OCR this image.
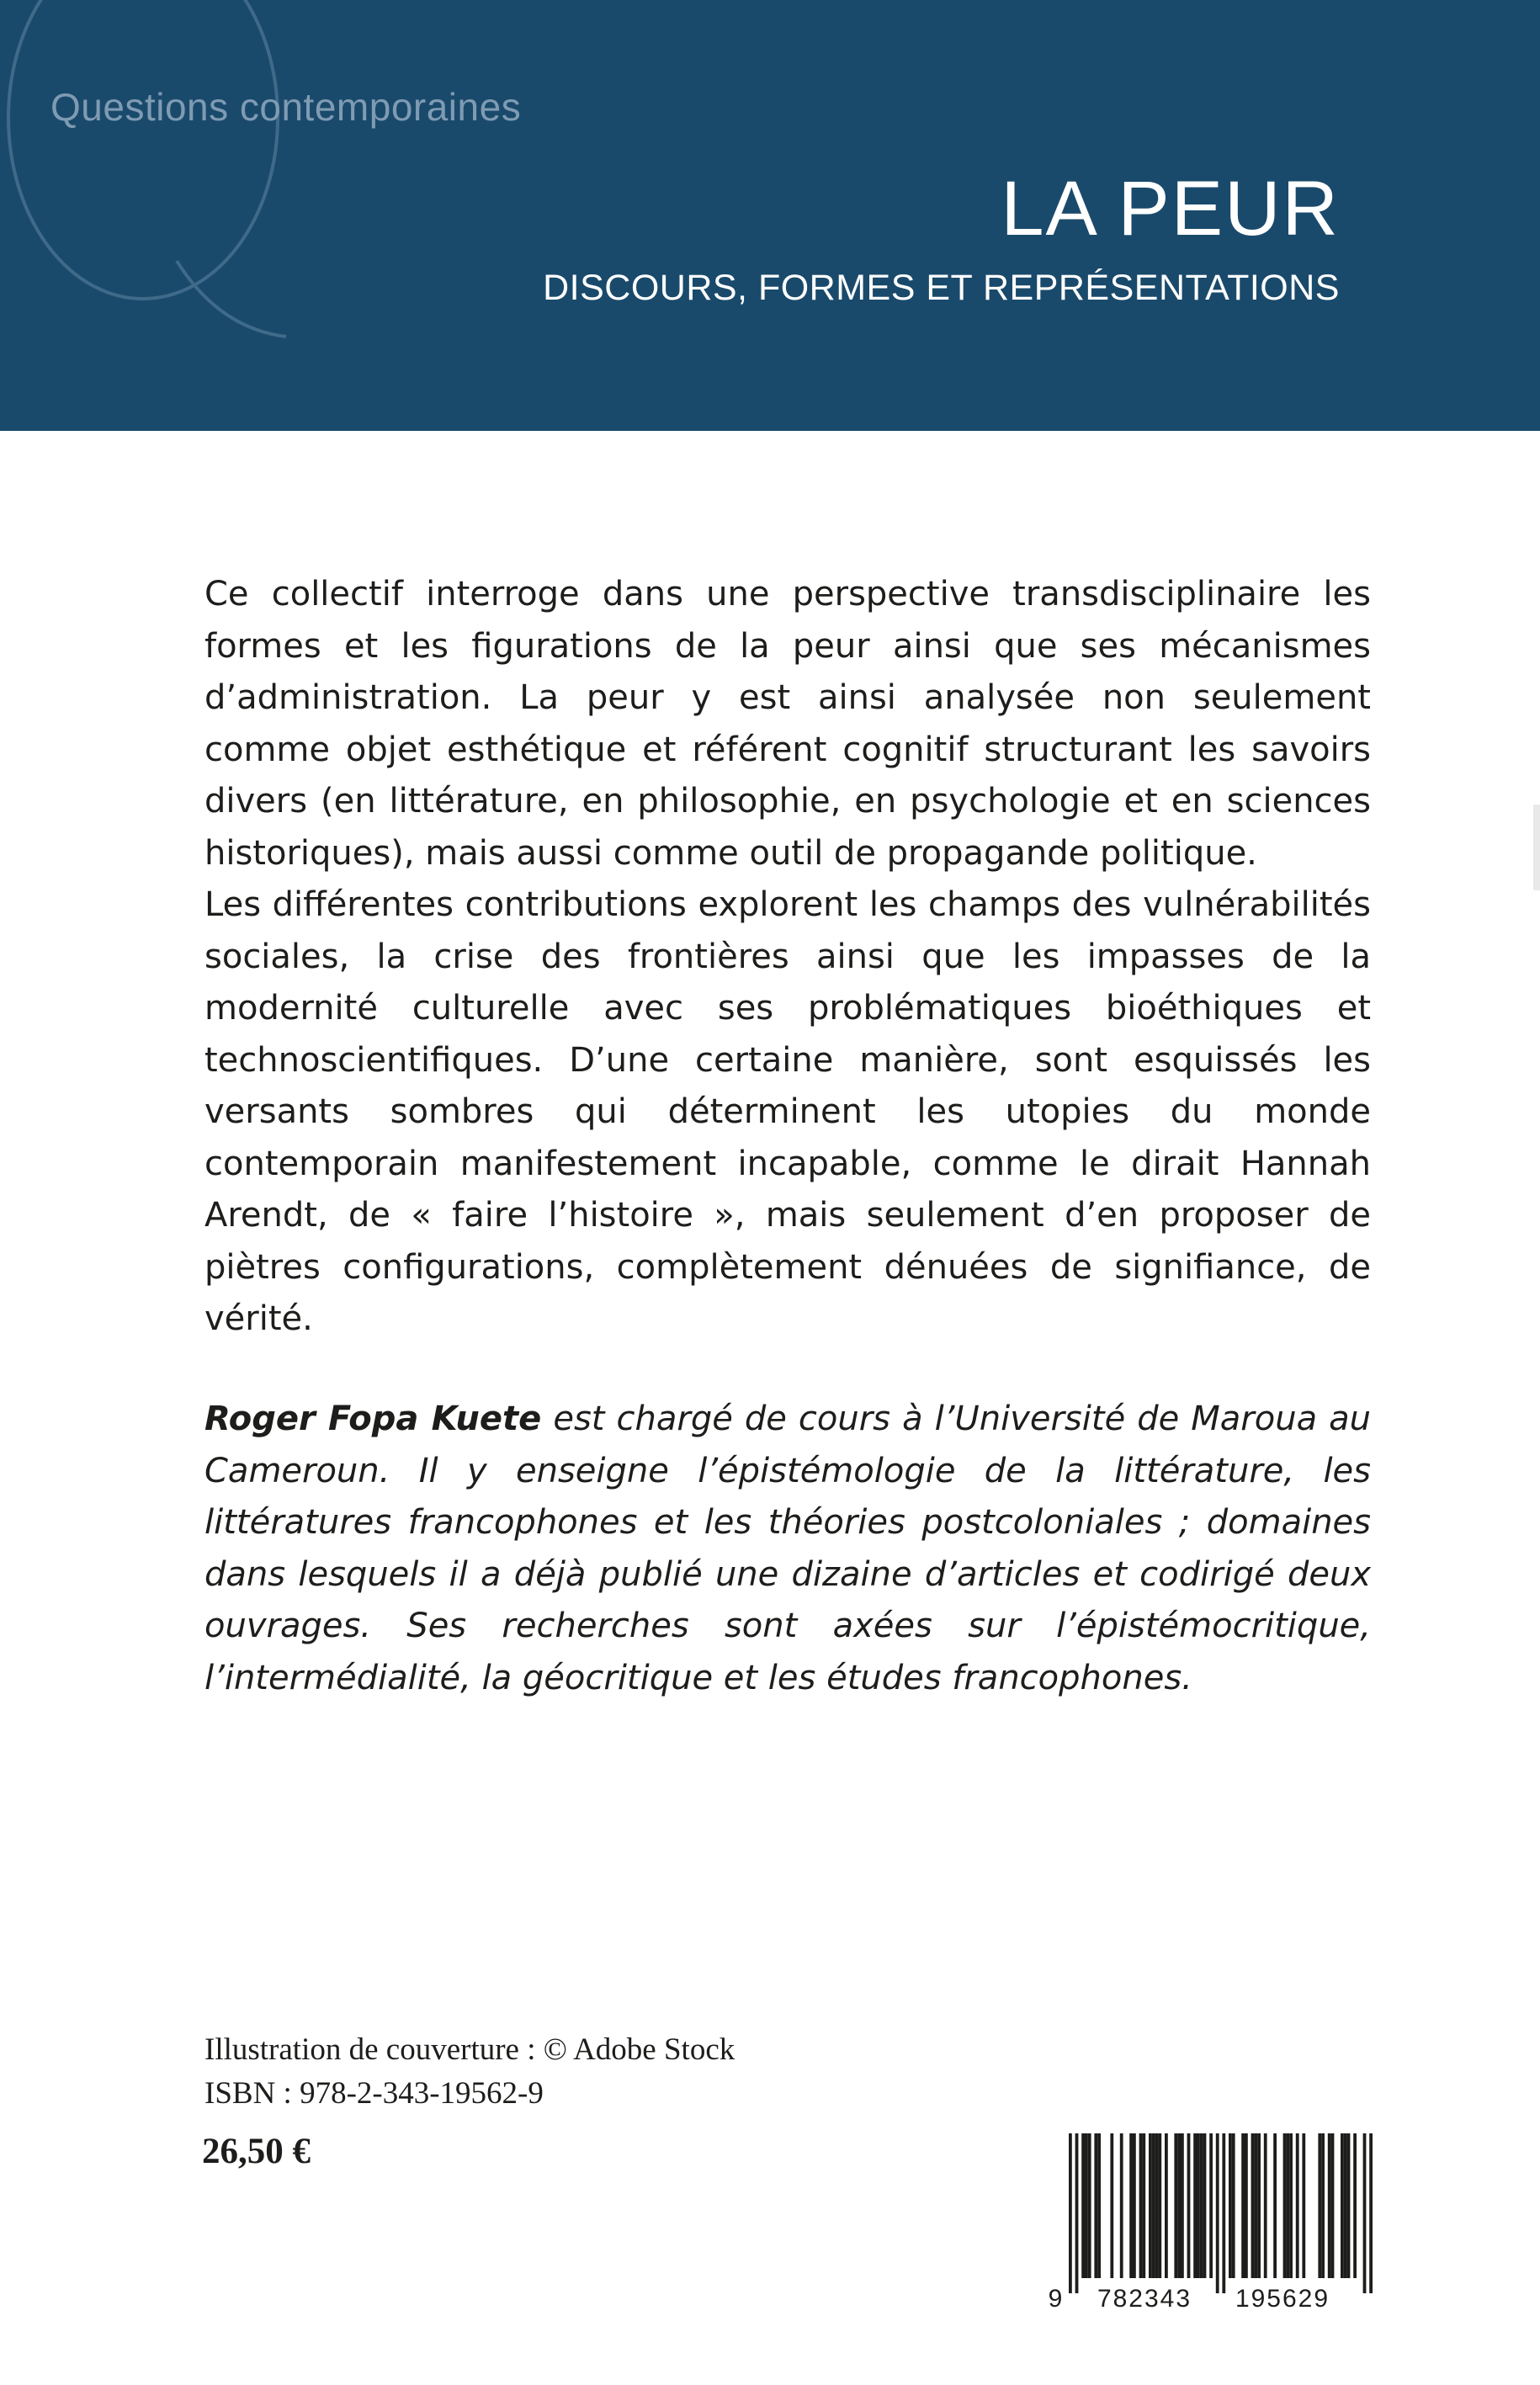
Questions contemporaines
LA PEUR
DISCOURS, FORMES ET REPRÉSENTATIONS

Ce collectif interroge dans une perspective transdisciplinaire les formes et les figurations de la peur ainsi que ses mécanismes d’administration. La peur y est ainsi analysée non seulement comme objet esthétique et référent cognitif structurant les savoirs divers (en littérature, en philosophie, en psychologie et en sciences historiques), mais aussi comme outil de propagande politique.

Les différentes contributions explorent les champs des vulnérabilités sociales, la crise des frontières ainsi que les impasses de la modernité culturelle avec ses problématiques bioéthiques et technoscientifiques. D’une certaine manière, sont esquissés les versants sombres qui déterminent les utopies du monde contemporain manifestement incapable, comme le dirait Hannah Arendt, de « faire l’histoire », mais seulement d’en proposer de piètres configurations, complètement dénuées de signifiance, de vérité.

Roger Fopa Kuete est chargé de cours à l’Université de Maroua au Cameroun. Il y enseigne l’épistémologie de la littérature, les littératures francophones et les théories postcoloniales ; domaines dans lesquels il a déjà publié une dizaine d’articles et codirigé deux ouvrages. Ses recherches sont axées sur l’épistémocritique, l’intermédialité, la géocritique et les études francophones.

Illustration de couverture : © Adobe Stock
ISBN : 978-2-343-19562-9
26,50 €
9 782343 195629
